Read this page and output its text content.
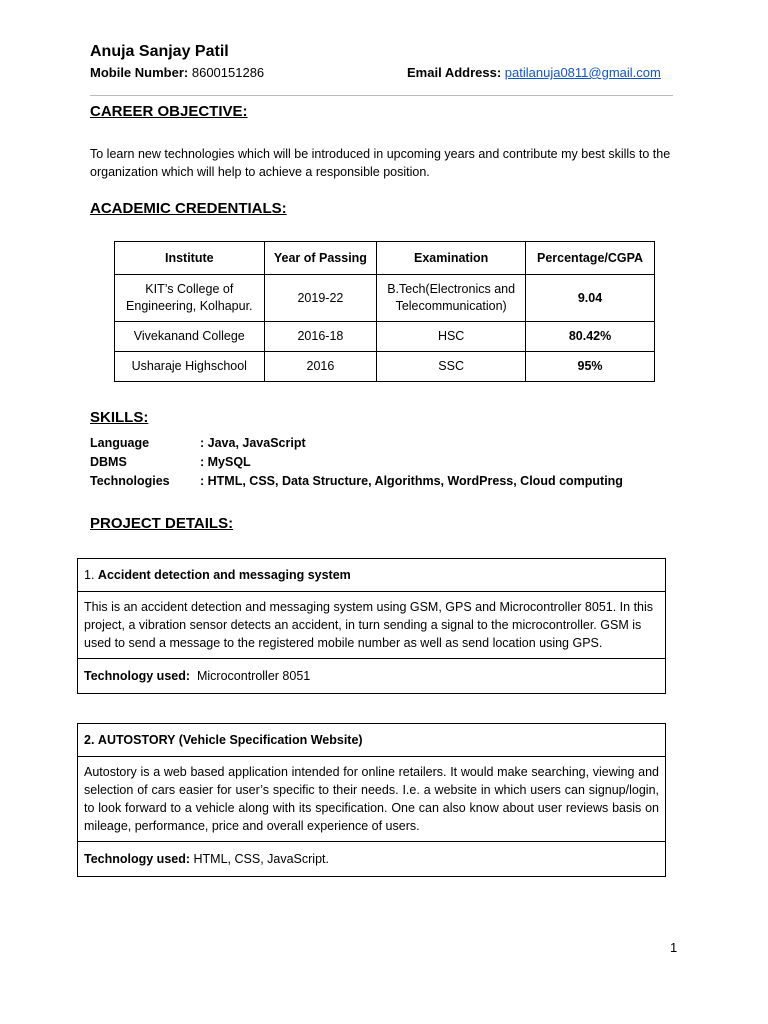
Anuja Sanjay Patil
Mobile Number: 8600151286	Email Address: patilanuja0811@gmail.com
CAREER OBJECTIVE:
To learn new technologies which will be introduced in upcoming years and contribute my best skills to the organization which will help to achieve a responsible position.
ACADEMIC CREDENTIALS:
Institute	Year of Passing	Examination	Percentage/CGPA
KIT’s College of Engineering, Kolhapur.	2019-22	B.Tech(Electronics and Telecommunication)	9.04
Vivekanand College	2016-18	HSC	80.42%
Usharaje Highschool	2016	SSC	95%
SKILLS:
Language	: Java, JavaScript
DBMS	: MySQL
Technologies	: HTML, CSS, Data Structure, Algorithms, WordPress, Cloud computing
PROJECT DETAILS:
1.
Accident detection and messaging system
This is an accident detection and messaging system using GSM, GPS and Microcontroller 8051. In this project, a vibration sensor detects an accident, in turn sending a signal to the microcontroller. GSM is used to send a message to the registered mobile number as well as send location using GPS.
Technology used:
Microcontroller 8051
2.
AUTOSTORY (Vehicle Specification Website)
Autostory is a web based application intended for online retailers. It would make searching, viewing and selection of cars easier for user’s specific to their needs. I.e. a website in which users can signup/login, to look forward to a vehicle along with its specification. One can also know about user reviews basis on mileage, performance, price and overall experience of users.
Technology used:
HTML, CSS, JavaScript.
1
